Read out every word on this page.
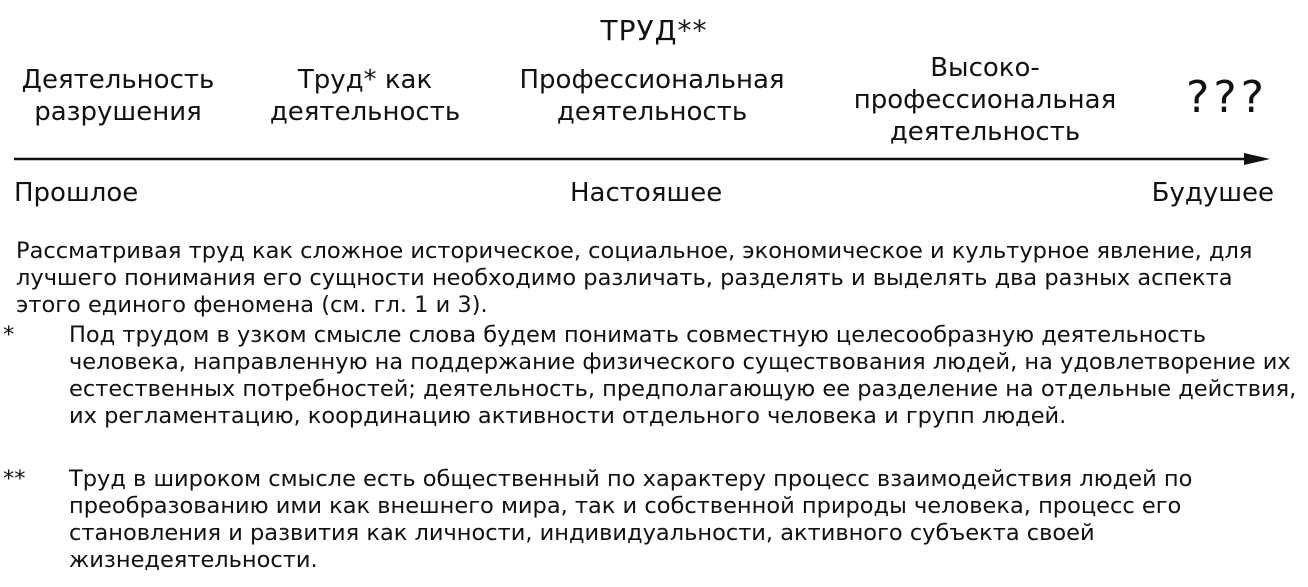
ТРУД**
Деятельность
разрушения
Труд* как
деятельность
Профессиональная
деятельность
Высоко-
профессиональная
деятельность
???
Прошлое	Настояшее	Будушее

Рассматривая труд как сложное историческое, социальное, экономическое и культурное явление, для лучшего понимания его сущности необходимо различать, разделять и выделять два разных аспекта этого единого феномена (см. гл. 1 и 3).

* Под трудом в узком смысле слова будем понимать совместную целесообразную деятельность человека, направленную на поддержание физического существования людей, на удовлетворение их естественных потребностей; деятельность, предполагающую ее разделение на отдельные действия, их регламентацию, координацию активности отдельного человека и групп людей.

** Труд в широком смысле есть общественный по характеру процесс взаимодействия людей по преобразованию ими как внешнего мира, так и собственной природы человека, процесс его становления и развития как личности, индивидуальности, активного субъекта своей жизнедеятельности.
